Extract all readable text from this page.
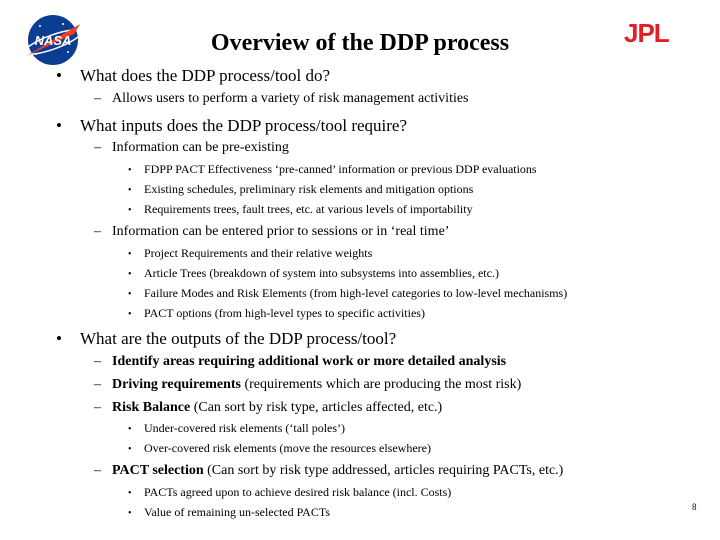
NASA	JPL
Overview of the DDP process
• What does the DDP process/tool do?
– Allows users to perform a variety of risk management activities
• What inputs does the DDP process/tool require?
– Information can be pre-existing
• FDPP PACT Effectiveness ‘pre-canned’ information or previous DDP evaluations
• Existing schedules, preliminary risk elements and mitigation options
• Requirements trees, fault trees, etc. at various levels of importability
– Information can be entered prior to sessions or in ‘real time’
• Project Requirements and their relative weights
• Article Trees (breakdown of system into subsystems into assemblies, etc.)
• Failure Modes and Risk Elements (from high-level categories to low-level mechanisms)
• PACT options (from high-level types to specific activities)
• What are the outputs of the DDP process/tool?
– Identify areas requiring additional work or more detailed analysis
– Driving requirements (requirements which are producing the most risk)
– Risk Balance (Can sort by risk type, articles affected, etc.)
• Under-covered risk elements (‘tall poles’)
• Over-covered risk elements (move the resources elsewhere)
– PACT selection (Can sort by risk type addressed, articles requiring PACTs, etc.)
• PACTs agreed upon to achieve desired risk balance (incl. Costs)
• Value of remaining un-selected PACTs	8
